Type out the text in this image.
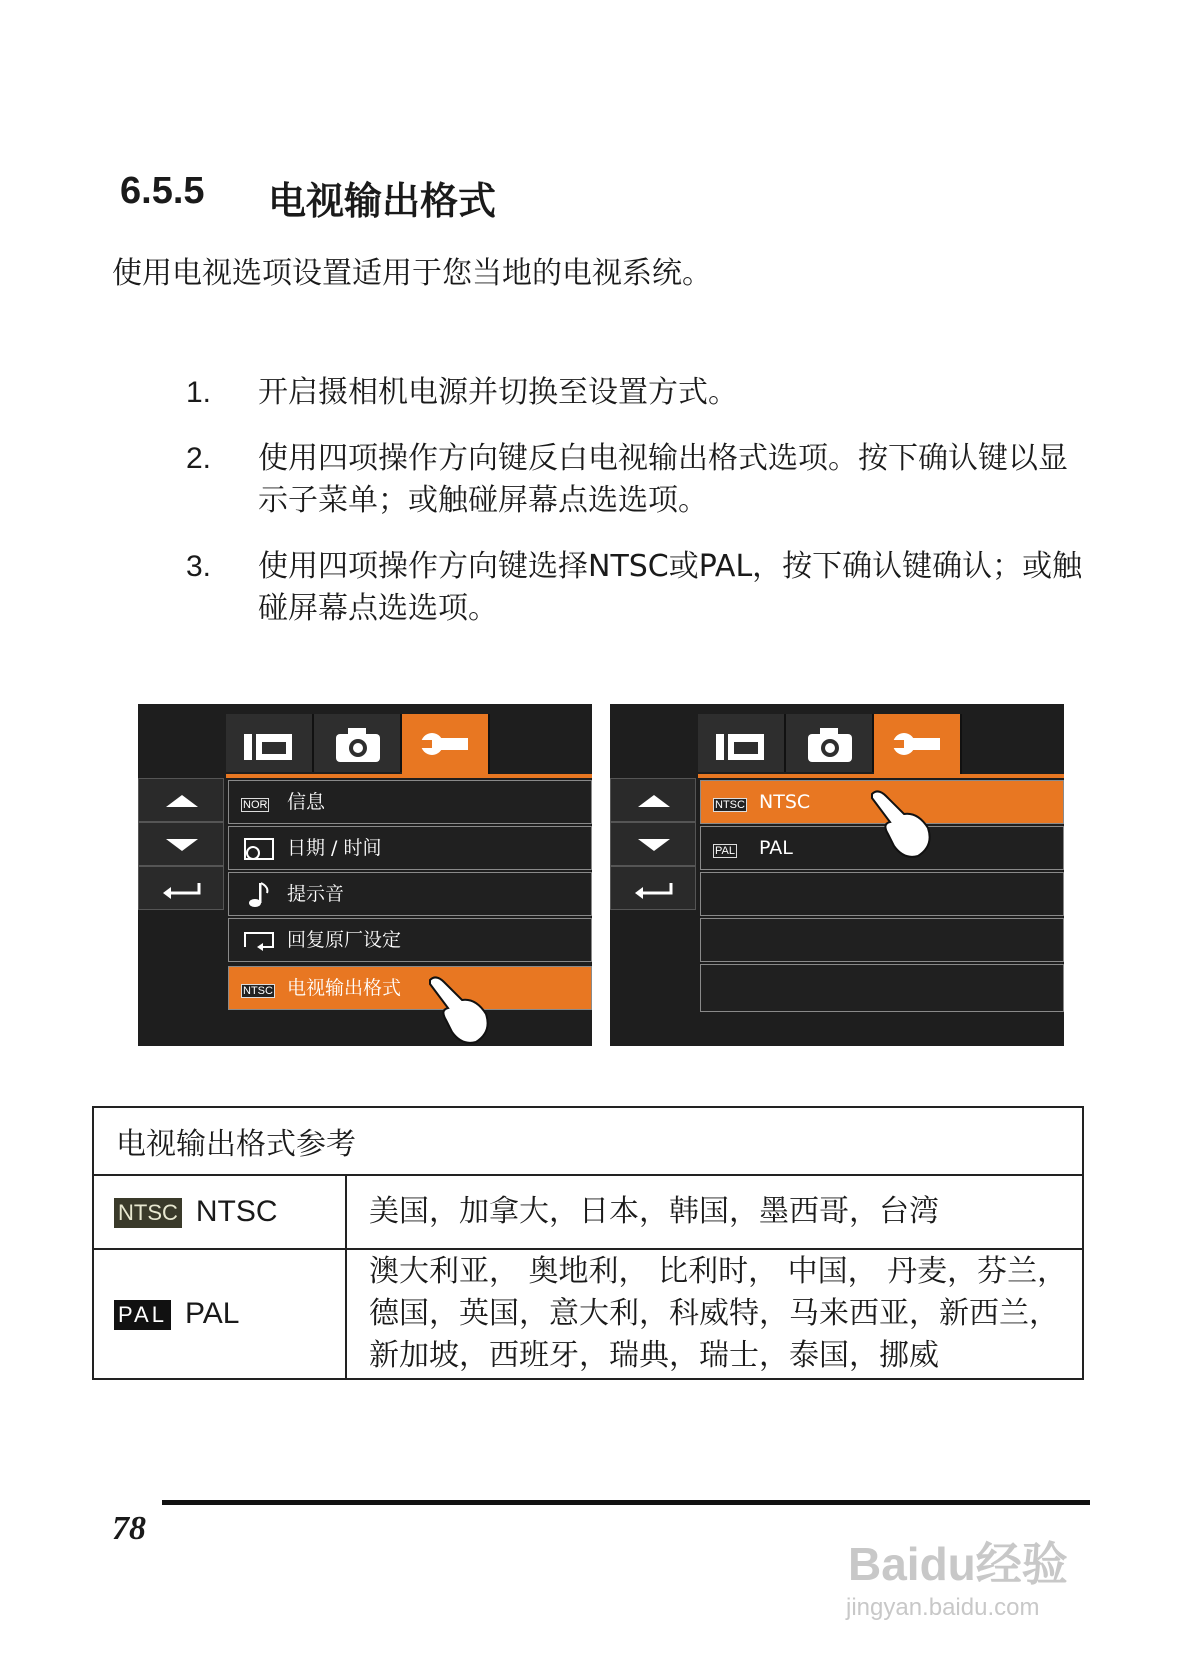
6.5.5 电视输出格式
使用电视选项设置适用于您当地的电视系统。
1. 开启摄相机电源并切换至设置方式。
2. 使用四项操作方向键反白电视输出格式选项。按下确认键以显示子菜单；或触碰屏幕点选选项。
3. 使用四项操作方向键选择NTSC或PAL，按下确认键确认；或触碰屏幕点选选项。
NOR	信息
日期 / 时间
提示音
回复原厂设定
NTSC 电视输出格式
NTSC NTSC
PAL	PAL
电视输出格式参考	
NTSC NTSC	美国，加拿大，日本，韩国，墨西哥，台湾
PAL PAL	澳大利亚， 奥地利， 比利时， 中国， 丹麦，芬兰，德国，英国，意大利，科威特，马来西亚，新西兰，新加坡，西班牙，瑞典，瑞士，泰国，挪威
78
Baidu经验
jingyan.baidu.com
